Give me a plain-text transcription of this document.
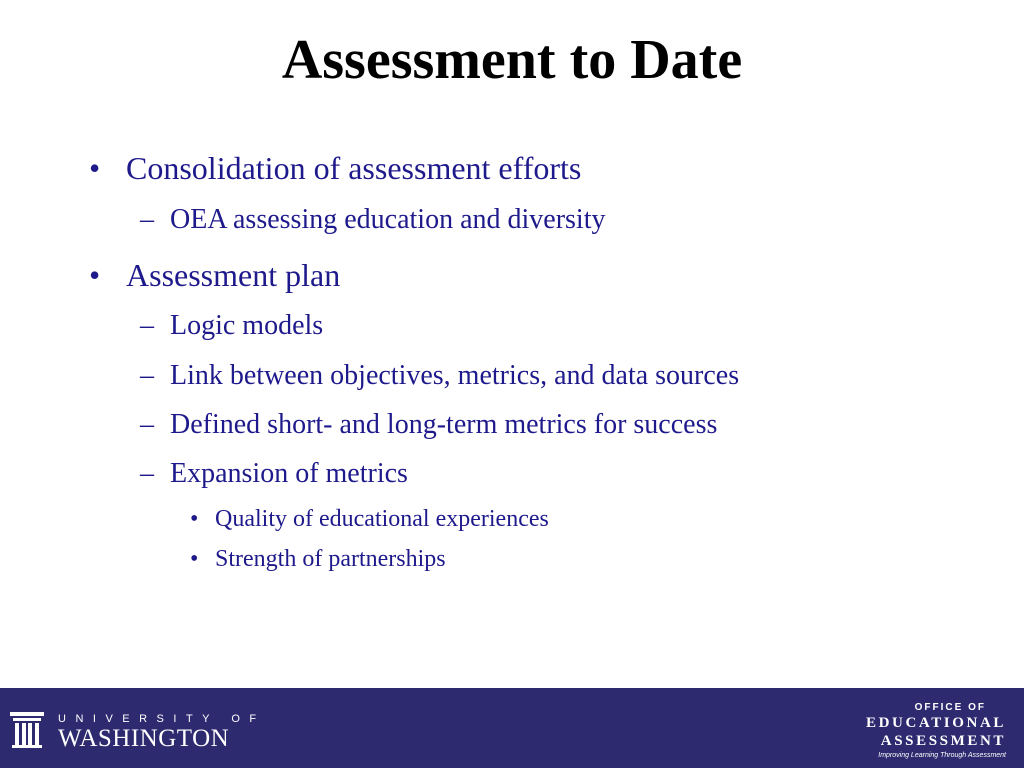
Assessment to Date
• Consolidation of assessment efforts
– OEA assessing education and diversity
• Assessment plan
– Logic models
– Link between objectives, metrics, and data sources
– Defined short- and long-term metrics for success
– Expansion of metrics
• Quality of educational experiences
• Strength of partnerships
UNIVERSITY OF
WASHINGTON
OFFICE OF
EDUCATIONAL
ASSESSMENT
Improving Learning Through Assessment
